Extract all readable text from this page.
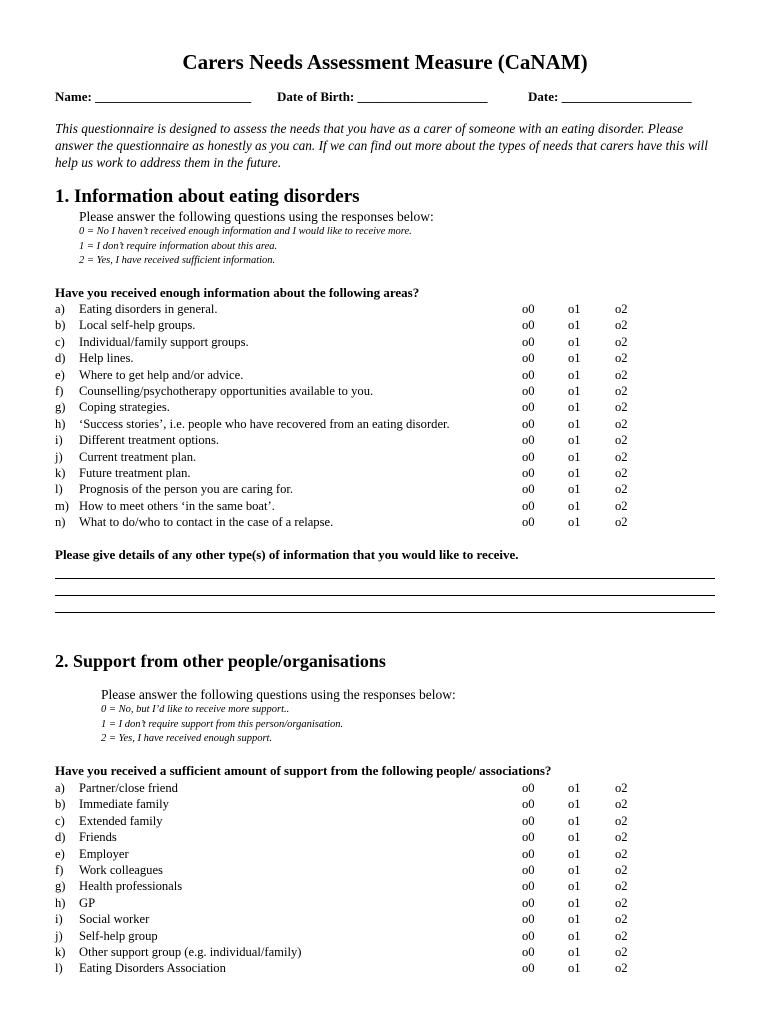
Carers Needs Assessment Measure (CaNAM)
Name: ________________________ Date of Birth: ____________________	Date: ____________________

This questionnaire is designed to assess the needs that you have as a carer of someone with an eating disorder. Please answer the questionnaire as honestly as you can. If we can find out more about the types of needs that carers have this will help us work to address them in the future.

1. Information about eating disorders
Please answer the following questions using the responses below:
0 = No I haven’t received enough information and I would like to receive more.
1 = I don’t require information about this area.
2 = Yes, I have received sufficient information.
Have you received enough information about the following areas?
a) Eating disorders in general.	o0	o1	o2
b) Local self-help groups.	o0	o1	o2
c) Individual/family support groups.	o0	o1	o2
d) Help lines.	o0	o1	o2
e) Where to get help and/or advice.	o0	o1	o2
f) Counselling/psychotherapy opportunities available to you.	o0	o1	o2
g) Coping strategies.	o0	o1	o2
h) ‘Success stories’, i.e. people who have recovered from an eating disorder.	o0	o1	o2
i) Different treatment options.	o0	o1	o2
j) Current treatment plan.	o0	o1	o2
k) Future treatment plan.	o0	o1	o2
l) Prognosis of the person you are caring for.	o0	o1	o2
m) How to meet others ‘in the same boat’.	o0	o1	o2
n) What to do/who to contact in the case of a relapse.	o0	o1	o2
Please give details of any other type(s) of information that you would like to receive.
2. Support from other people/organisations
Please answer the following questions using the responses below:
0 = No, but I’d like to receive more support..
1 = I don’t require support from this person/organisation.
2 = Yes, I have received enough support.
Have you received a sufficient amount of support from the following people/ associations?
a) Partner/close friend	o0	o1	o2
b) Immediate family	o0	o1	o2
c) Extended family	o0	o1	o2
d) Friends	o0	o1	o2
e) Employer	o0	o1	o2
f) Work colleagues	o0	o1	o2
g) Health professionals	o0	o1	o2
h) GP	o0	o1	o2
i) Social worker	o0	o1	o2
j) Self-help group	o0	o1	o2
k) Other support group (e.g. individual/family)	o0	o1	o2
l) Eating Disorders Association	o0	o1	o2
